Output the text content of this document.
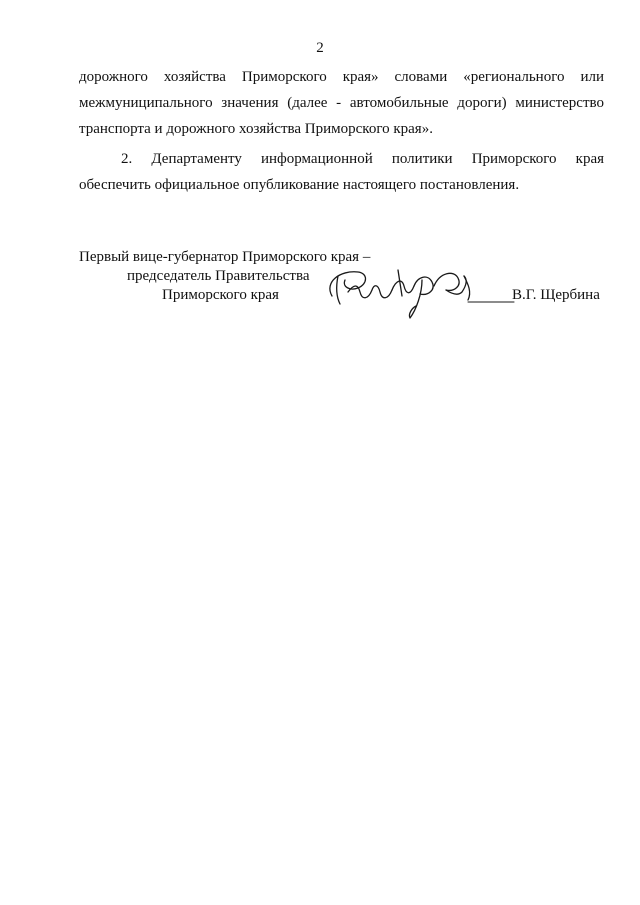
2
дорожного хозяйства Приморского края» словами «регионального или
межмуниципального значения (далее - автомобильные дороги) министерство
транспорта и дорожного хозяйства Приморского края».
2. Департаменту информационной политики Приморского края
обеспечить официальное опубликование настоящего постановления.
Первый вице-губернатор Приморского края –
председатель Правительства
Приморского края	В.Г. Щербина
